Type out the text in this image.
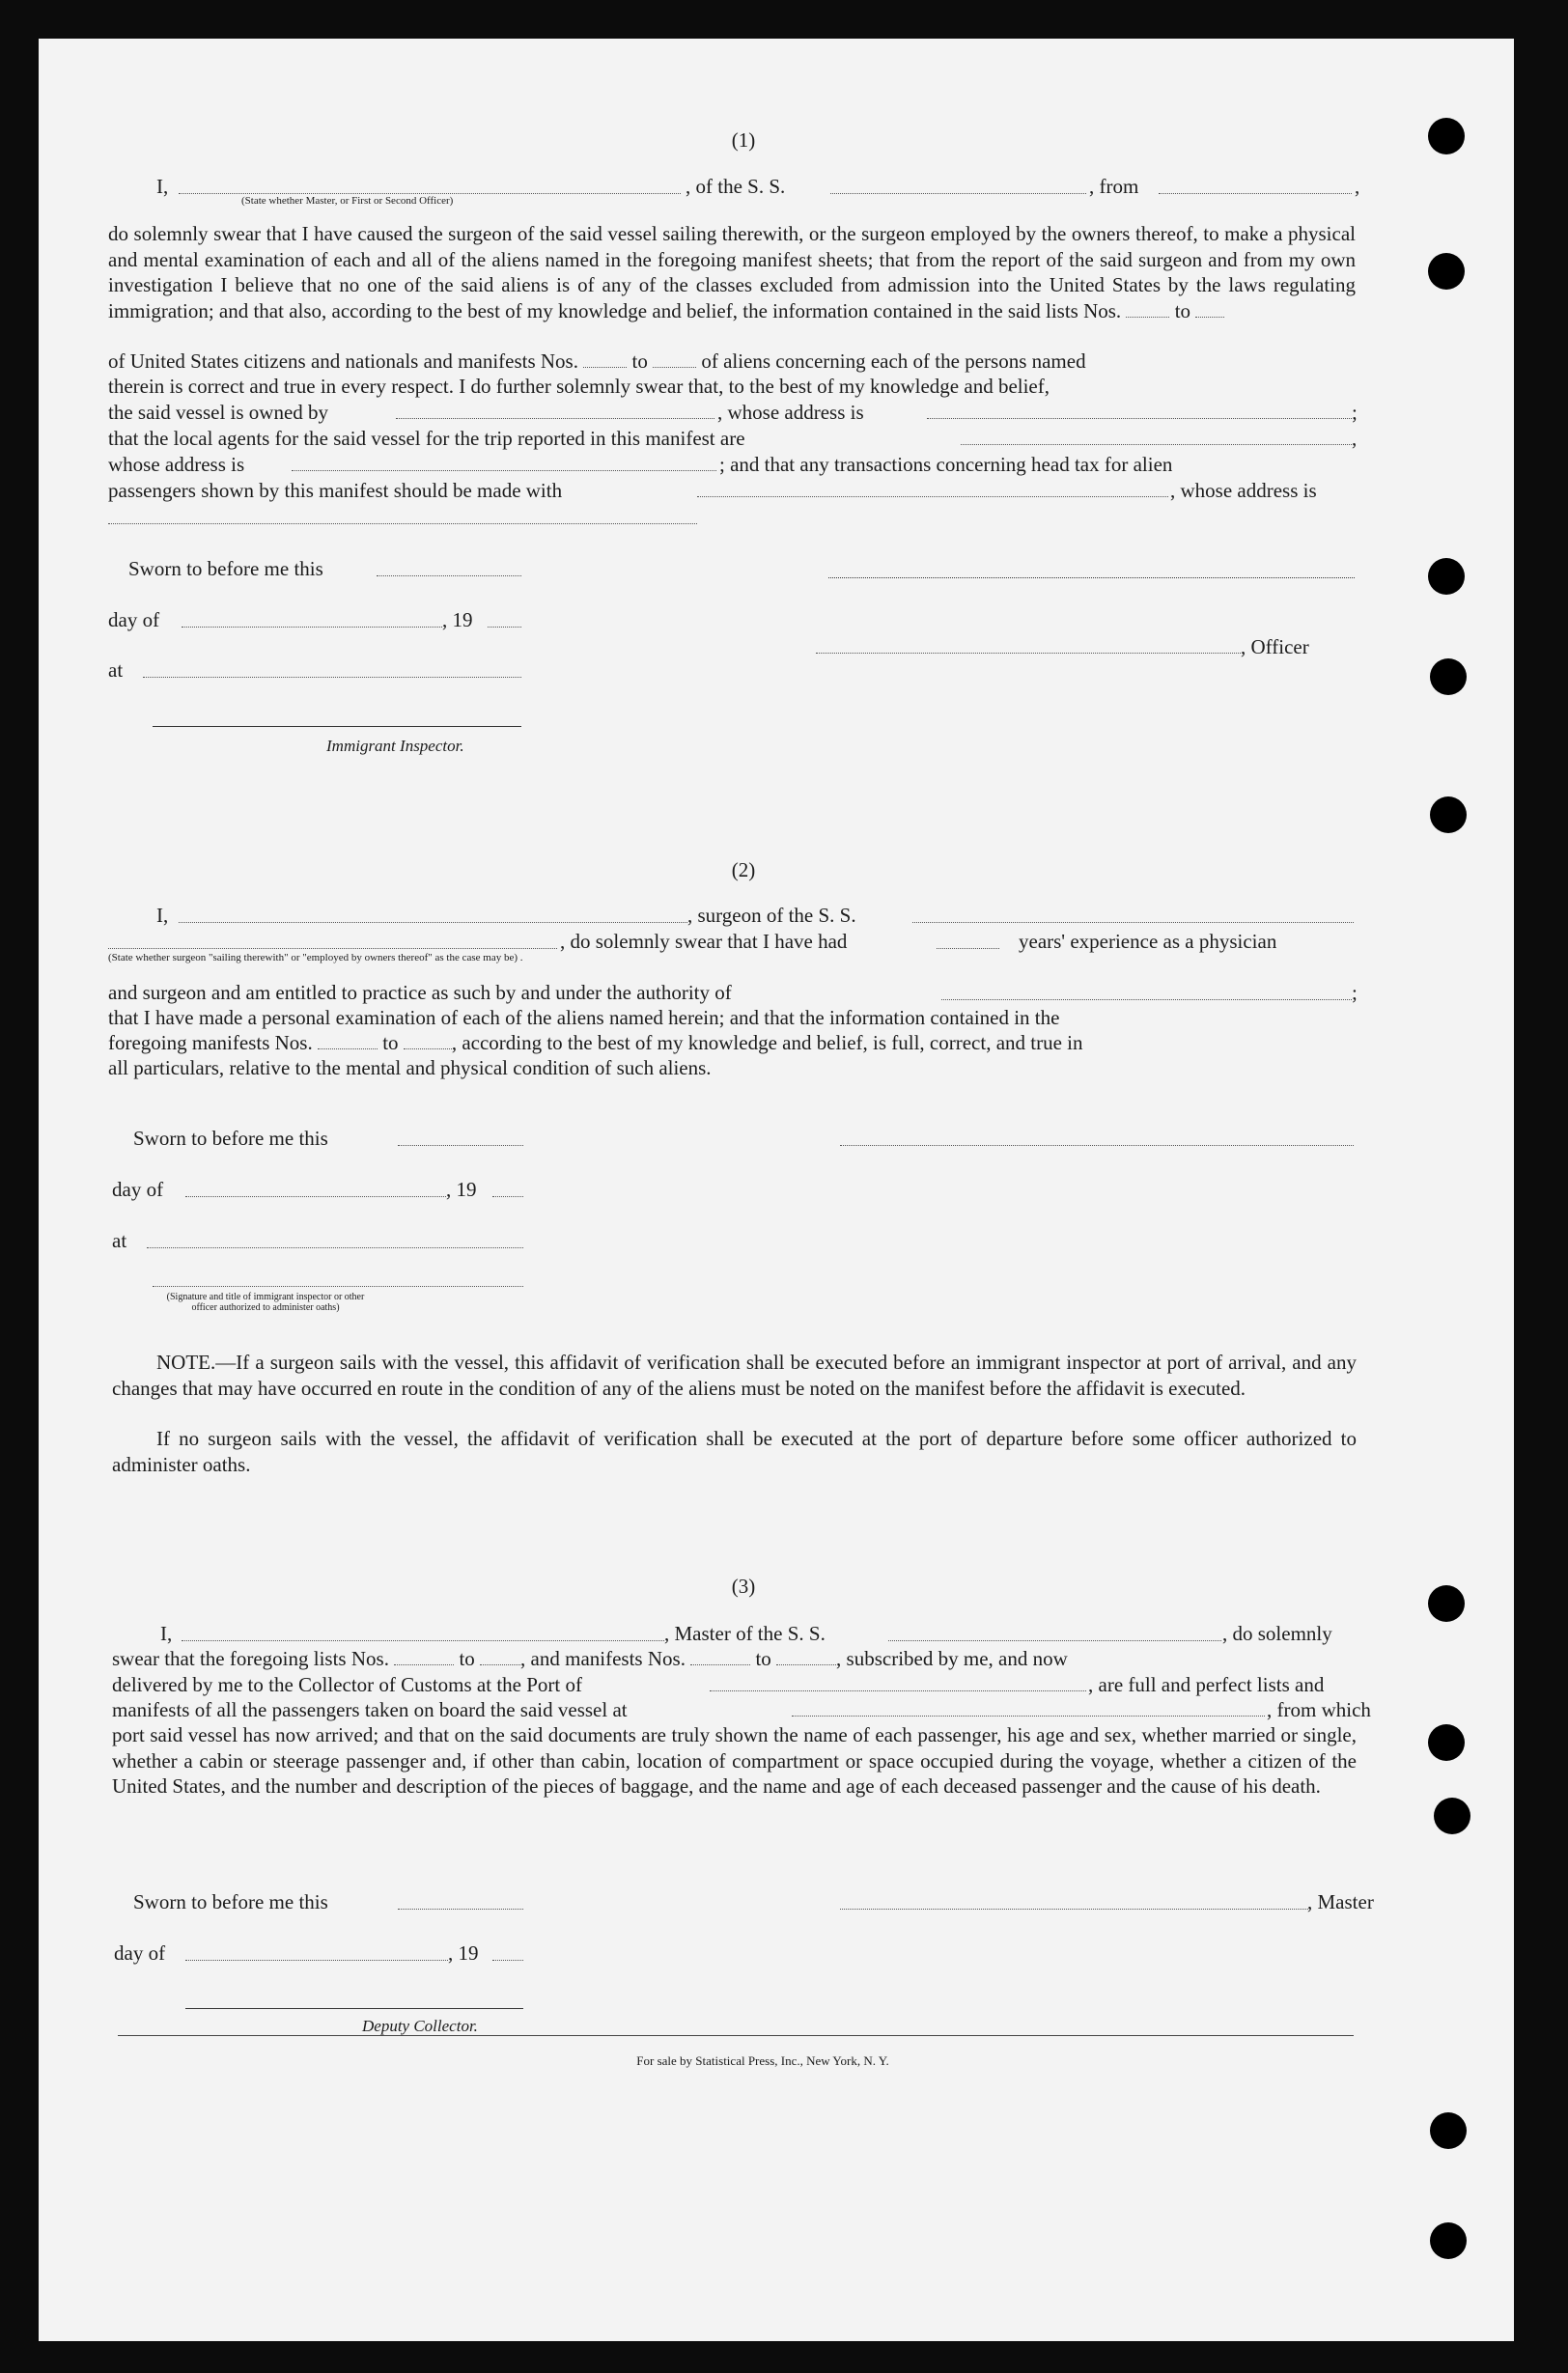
(1)
I,
(State whether Master, or First or Second Officer)
, of the S. S.	, from	,
do solemnly swear that I have caused the surgeon of the said vessel sailing therewith, or the surgeon employed by the owners thereof, to make a physical and mental examination of each and all of the aliens named in the foregoing manifest sheets; that from the report of the said surgeon and from my own investigation I believe that no one of the said aliens is of any of the classes excluded from admission into the United States by the laws regulating immigration; and that also, according to the best of my knowledge and belief, the information contained in the said lists Nos.	to
of United States citizens and nationals and manifests Nos.	to	of aliens concerning each of the persons named
therein is correct and true in every respect. I do further solemnly swear that, to the best of my knowledge and belief,
the said vessel is owned by	, whose address is	;
that the local agents for the said vessel for the trip reported in this manifest are	,
whose address is	; and that any transactions concerning head tax for alien
passengers shown by this manifest should be made with	, whose address is
Sworn to before me this
day of	, 19
, Officer
at
Immigrant Inspector.
(2)
I,	, surgeon of the S. S.
, do solemnly swear that I have had	years' experience as a physician
(State whether surgeon "sailing therewith" or "employed by owners thereof" as the case may be) .
and surgeon and am entitled to practice as such by and under the authority of	;
that I have made a personal examination of each of the aliens named herein; and that the information contained in the
foregoing manifests Nos.	to	, according to the best of my knowledge and belief, is full, correct, and true in
all particulars, relative to the mental and physical condition of such aliens.
Sworn to before me this
day of	, 19
at
(Signature and title of immigrant inspector or other officer authorized to administer oaths)
NOTE.—If a surgeon sails with the vessel, this affidavit of verification shall be executed before an immigrant inspector at port of arrival, and any changes that may have occurred en route in the condition of any of the aliens must be noted on the manifest before the affidavit is executed.
If no surgeon sails with the vessel, the affidavit of verification shall be executed at the port of departure before some officer authorized to administer oaths.
(3)
I,	, Master of the S. S.	, do solemnly
swear that the foregoing lists Nos.	to , and manifests Nos.	to	, subscribed by me, and now
delivered by me to the Collector of Customs at the Port of	, are full and perfect lists and
manifests of all the passengers taken on board the said vessel at	, from which
port said vessel has now arrived; and that on the said documents are truly shown the name of each passenger, his age and sex, whether married or single, whether a cabin or steerage passenger and, if other than cabin, location of compartment or space occupied during the voyage, whether a citizen of the United States, and the number and description of the pieces of baggage, and the name and age of each deceased passenger and the cause of his death.
Sworn to before me this	, Master
day of	, 19
Deputy Collector.
For sale by Statistical Press, Inc., New York, N. Y.
